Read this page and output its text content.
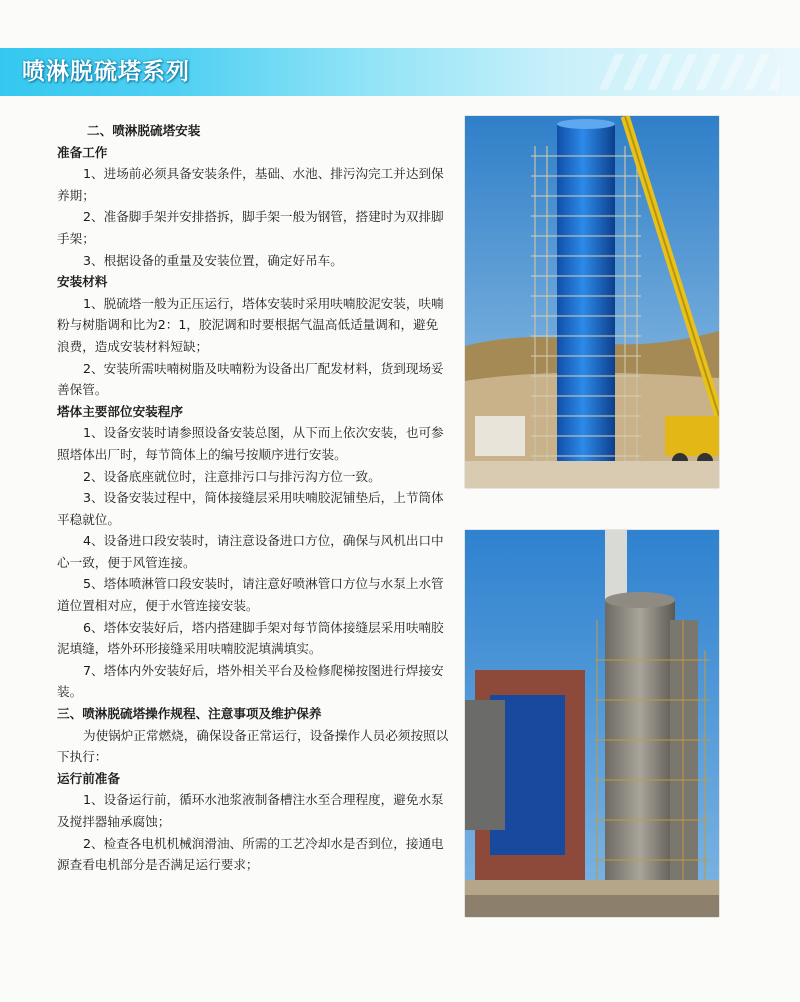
喷淋脱硫塔系列

二、喷淋脱硫塔安装

准备工作

1、进场前必须具备安装条件，基础、水池、排污沟完工并达到保养期；

2、准备脚手架并安排搭拆，脚手架一般为钢管，搭建时为双排脚手架；

3、根据设备的重量及安装位置，确定好吊车。

安装材料

1、脱硫塔一般为正压运行，塔体安装时采用呋喃胶泥安装，呋喃粉与树脂调和比为2：1，胶泥调和时要根据气温高低适量调和，避免浪费，造成安装材料短缺；

2、安装所需呋喃树脂及呋喃粉为设备出厂配发材料，货到现场妥善保管。

塔体主要部位安装程序

1、设备安装时请参照设备安装总图，从下而上依次安装，也可参照塔体出厂时，每节筒体上的编号按顺序进行安装。

2、设备底座就位时，注意排污口与排污沟方位一致。

3、设备安装过程中，简体接缝层采用呋喃胶泥铺垫后，上节筒体平稳就位。

4、设备进口段安装时，请注意设备进口方位，确保与风机出口中心一致，便于风管连接。

5、塔体喷淋管口段安装时，请注意好喷淋管口方位与水泵上水管道位置相对应，便于水管连接安装。

6、塔体安装好后，塔内搭建脚手架对每节筒体接缝层采用呋喃胶泥填缝，塔外环形接缝采用呋喃胶泥填满填实。

7、塔体内外安装好后，塔外相关平台及检修爬梯按图进行焊接安装。

三、喷淋脱硫塔操作规程、注意事项及维护保养

为使锅炉正常燃烧，确保设备正常运行，设备操作人员必须按照以下执行：

运行前准备

1、设备运行前，循环水池浆液制备槽注水至合理程度，避免水泵及搅拌器轴承腐蚀；

2、检查各电机机械润滑油、所需的工艺冷却水是否到位，接通电源查看电机部分是否满足运行要求；
